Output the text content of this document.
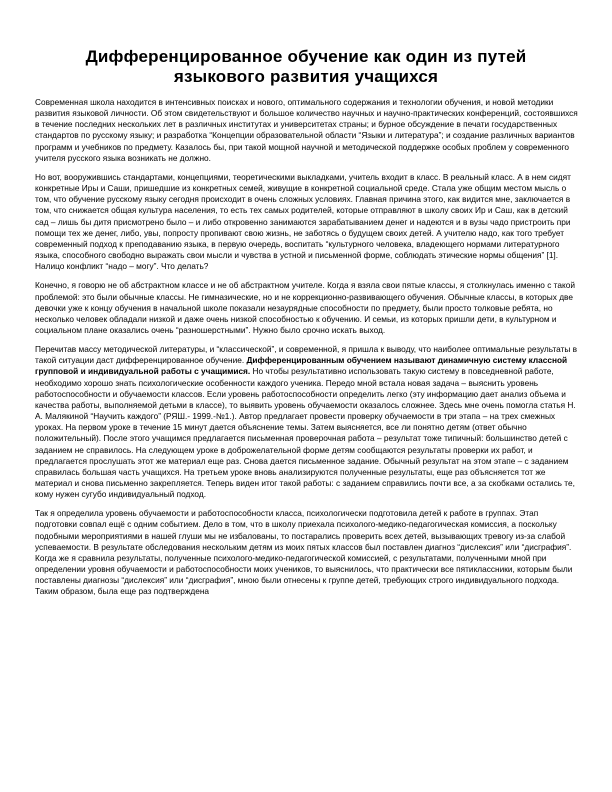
Дифференцированное обучение как один из путей языкового развития учащихся

Современная школа находится в интенсивных поисках и нового, оптимального содержания и технологии обучения, и новой методики развития языковой личности. Об этом свидетельствуют и большое количество научных и научно-практических конференций, состоявшихся в течение последних нескольких лет в различных институтах и университетах страны; и бурное обсуждение в печати государственных стандартов по русскому языку; и разработка “Концепции образовательной области “Языки и литература”; и создание различных вариантов программ и учебников по предмету. Казалось бы, при такой мощной научной и методической поддержке особых проблем у современного учителя русского языка возникать не должно.

Но вот, вооружившись стандартами, концепциями, теоретическими выкладками, учитель входит в класс. В реальный класс. А в нем сидят конкретные Иры и Саши, пришедшие из конкретных семей, живущие в конкретной социальной среде. Стала уже общим местом мысль о том, что обучение русскому языку сегодня происходит в очень сложных условиях. Главная причина этого, как видится мне, заключается в том, что снижается общая культура населения, то есть тех самых родителей, которые отправляют в школу своих Ир и Саш, как в детский сад – лишь бы дитя присмотрено было – и либо откровенно занимаются зарабатыванием денег и надеются и в вузы чадо пристроить при помощи тех же денег, либо, увы, попросту пропивают свою жизнь, не заботясь о будущем своих детей. А учителю надо, как того требует современный подход к преподаванию языка, в первую очередь, воспитать “культурного человека, владеющего нормами литературного языка, способного свободно выражать свои мысли и чувства в устной и письменной форме, соблюдать этические нормы общения” [1]. Налицо конфликт “надо – могу”. Что делать?

Конечно, я говорю не об абстрактном классе и не об абстрактном учителе. Когда я взяла свои пятые классы, я столкнулась именно с такой проблемой: это были обычные классы. Не гимназические, но и не коррекционно-развивающего обучения. Обычные классы, в которых две девочки уже к концу обучения в начальной школе показали незаурядные способности по предмету, были просто толковые ребята, но несколько человек обладали низкой и даже очень низкой способностью к обучению. И семьи, из которых пришли дети, в культурном и социальном плане оказались очень “разношерстными”. Нужно было срочно искать выход.

Перечитав массу методической литературы, и “классической”, и современной, я пришла к выводу, что наиболее оптимальные результаты в такой ситуации даст дифференцированное обучение. Дифференцированным обучением называют динамичную систему классной групповой и индивидуальной работы с учащимися. Но чтобы результативно использовать такую систему в повседневной работе, необходимо хорошо знать психологические особенности каждого ученика. Передо мной встала новая задача – выяснить уровень работоспособности и обучаемости классов. Если уровень работоспособности определить легко (эту информацию дает анализ объема и качества работы, выполняемой детьми в классе), то выявить уровень обучаемости оказалось сложнее. Здесь мне очень помогла статья Н. А. Малякиной “Научить каждого” (РЯШ.- 1999.-№1.). Автор предлагает провести проверку обучаемости в три этапа – на трех смежных уроках. На первом уроке в течение 15 минут дается объяснение темы. Затем выясняется, все ли понятно детям (ответ обычно положительный). После этого учащимся предлагается письменная проверочная работа – результат тоже типичный: большинство детей с заданием не справилось. На следующем уроке в доброжелательной форме детям сообщаются результаты проверки их работ, и предлагается прослушать этот же материал еще раз. Снова дается письменное задание. Обычный результат на этом этапе – с заданием справилась большая часть учащихся. На третьем уроке вновь анализируются полученные результаты, еще раз объясняется тот же материал и снова письменно закрепляется. Теперь виден итог такой работы: с заданием справились почти все, а за скобками остались те, кому нужен сугубо индивидуальный подход.

Так я определила уровень обучаемости и работоспособности класса, психологически подготовила детей к работе в группах. Этап подготовки совпал ещё с одним событием. Дело в том, что в школу приехала психолого-медико-педагогическая комиссия, а поскольку подобными мероприятиями в нашей глуши мы не избалованы, то постарались проверить всех детей, вызывающих тревогу из-за слабой успеваемости. В результате обследования нескольким детям из моих пятых классов был поставлен диагноз “дислексия” или “дисграфия”. Когда же я сравнила результаты, полученные психолого-медико-педагогической комиссией, с результатами, полученными мной при определении уровня обучаемости и работоспособности моих учеников, то выяснилось, что практически все пятиклассники, которым были поставлены диагнозы “дислексия” или “дисграфия”, мною были отнесены к группе детей, требующих строго индивидуального подхода. Таким образом, была еще раз подтверждена
